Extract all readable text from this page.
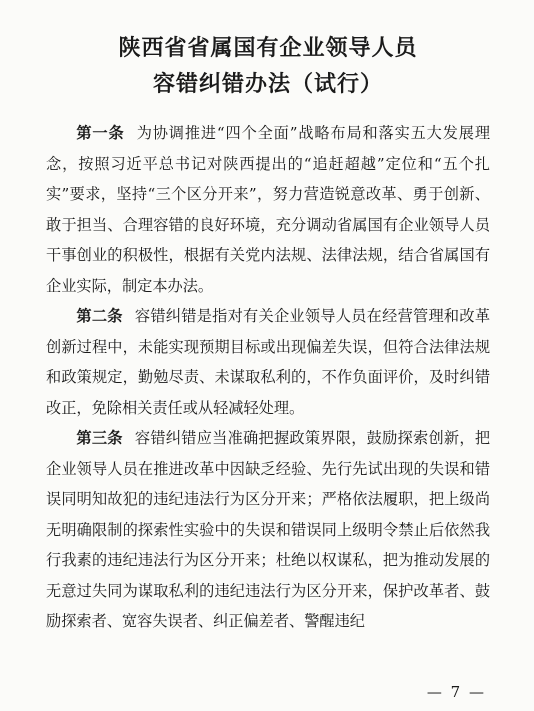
陕西省省属国有企业领导人员
容错纠错办法（试行）

第一条 为协调推进“四个全面”战略布局和落实五大发展理念，按照习近平总书记对陕西提出的“追赶超越”定位和“五个扎实”要求，坚持“三个区分开来”，努力营造锐意改革、勇于创新、敢于担当、合理容错的良好环境，充分调动省属国有企业领导人员干事创业的积极性，根据有关党内法规、法律法规，结合省属国有企业实际，制定本办法。

第二条 容错纠错是指对有关企业领导人员在经营管理和改革创新过程中，未能实现预期目标或出现偏差失误，但符合法律法规和政策规定，勤勉尽责、未谋取私利的，不作负面评价，及时纠错改正，免除相关责任或从轻减轻处理。

第三条 容错纠错应当准确把握政策界限，鼓励探索创新，把企业领导人员在推进改革中因缺乏经验、先行先试出现的失误和错误同明知故犯的违纪违法行为区分开来；严格依法履职，把上级尚无明确限制的探索性实验中的失误和错误同上级明令禁止后依然我行我素的违纪违法行为区分开来；杜绝以权谋私，把为推动发展的无意过失同为谋取私利的违纪违法行为区分开来，保护改革者、鼓励探索者、宽容失误者、纠正偏差者、警醒违纪

— 7 —
